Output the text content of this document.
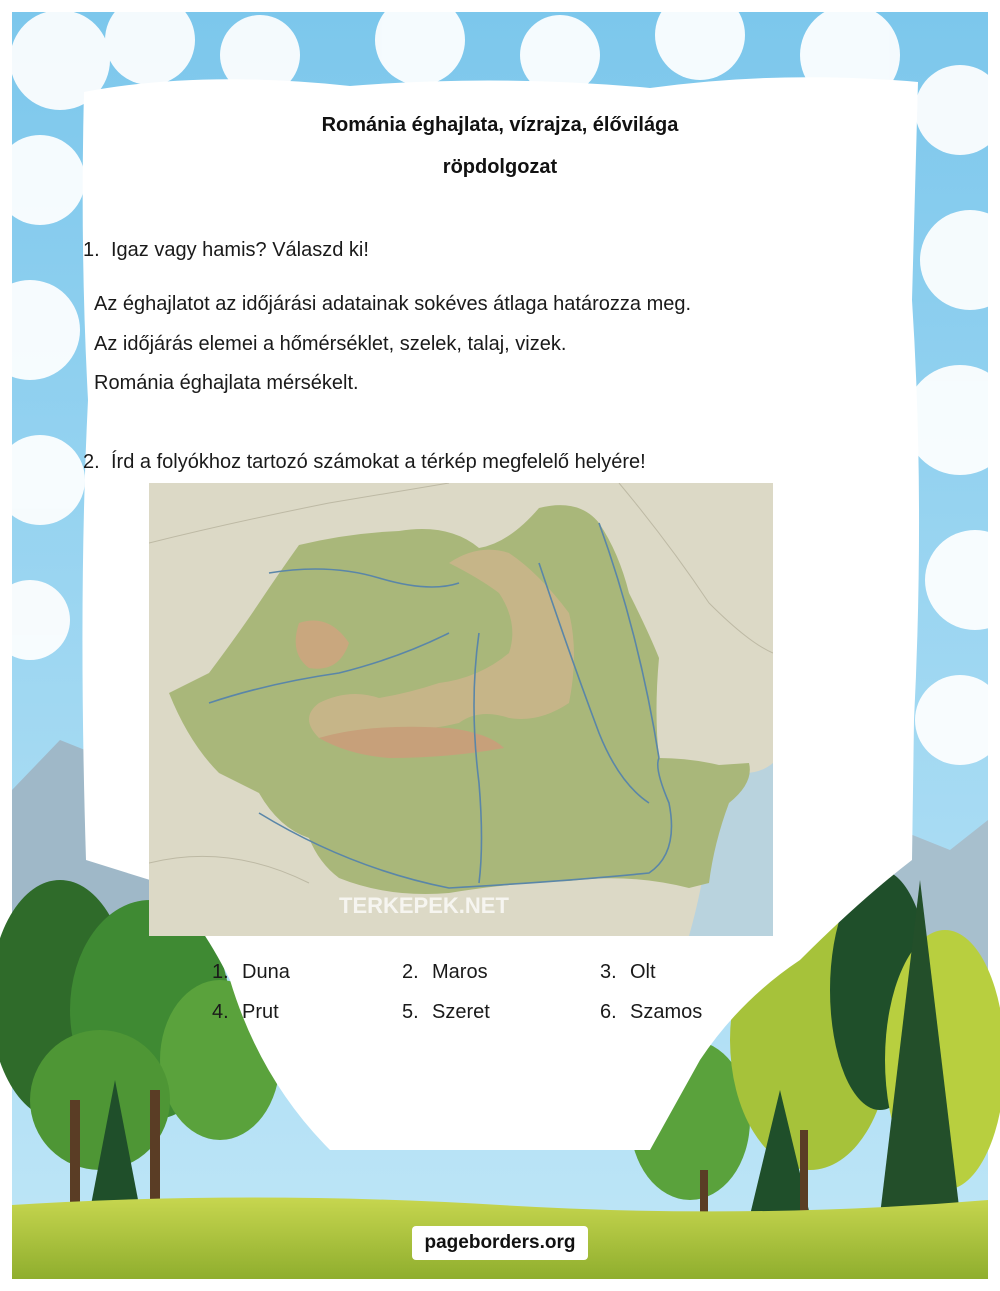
Románia éghajlata, vízrajza, élővilága
röpdolgozat
1. Igaz vagy hamis? Válaszd ki!
Az éghajlatot az időjárási adatainak sokéves átlaga határozza meg.
Az időjárás elemei a hőmérséklet, szelek, talaj, vizek.
Románia éghajlata mérsékelt.
2. Írd a folyókhoz tartozó számokat a térkép megfelelő helyére!
TERKEPEK.NET
1. Duna	2. Maros	3. Olt
4. Prut	5. Szeret	6. Szamos
pageborders.org
